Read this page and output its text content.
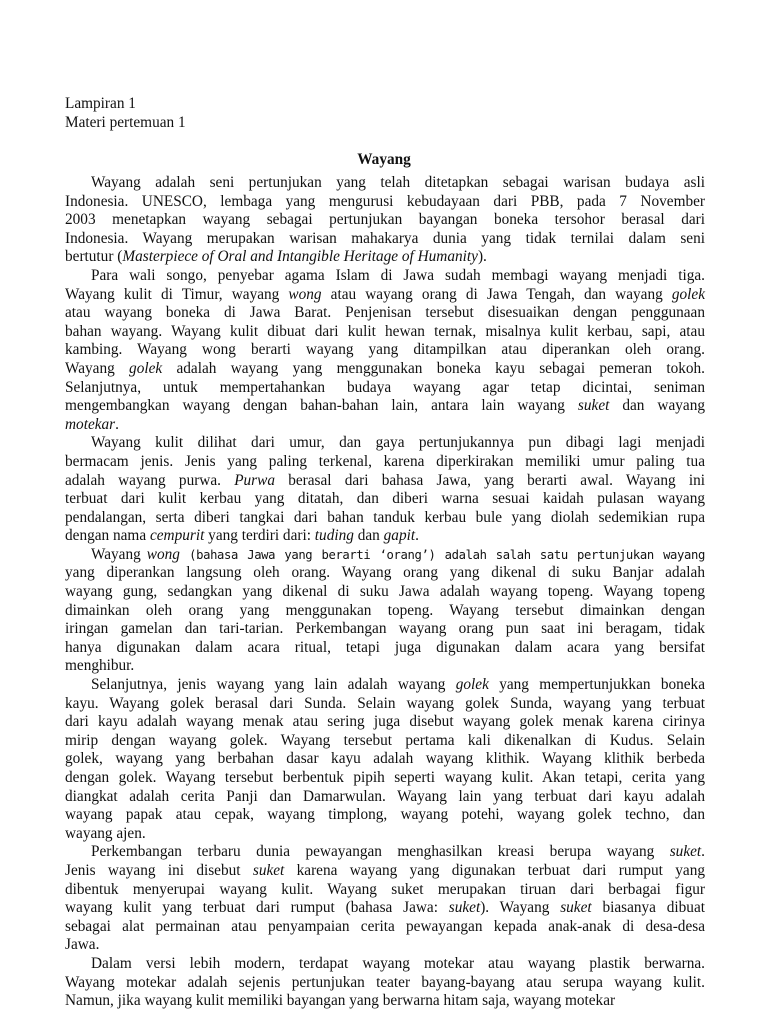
Lampiran 1
Materi pertemuan 1
Wayang
Wayang adalah seni pertunjukan yang telah ditetapkan sebagai warisan budaya asli
Indonesia. UNESCO, lembaga yang mengurusi kebudayaan dari PBB, pada 7 November
2003 menetapkan wayang sebagai pertunjukan bayangan boneka tersohor berasal dari
Indonesia. Wayang merupakan warisan mahakarya dunia yang tidak ternilai dalam seni
bertutur (Masterpiece of Oral and Intangible Heritage of Humanity).
Para wali songo, penyebar agama Islam di Jawa sudah membagi wayang menjadi tiga.
Wayang kulit di Timur, wayang wong atau wayang orang di Jawa Tengah, dan wayang golek
atau wayang boneka di Jawa Barat. Penjenisan tersebut disesuaikan dengan penggunaan
bahan wayang. Wayang kulit dibuat dari kulit hewan ternak, misalnya kulit kerbau, sapi, atau
kambing. Wayang wong berarti wayang yang ditampilkan atau diperankan oleh orang.
Wayang golek adalah wayang yang menggunakan boneka kayu sebagai pemeran tokoh.
Selanjutnya, untuk mempertahankan budaya wayang agar tetap dicintai, seniman
mengembangkan wayang dengan bahan-bahan lain, antara lain wayang suket dan wayang
motekar.
Wayang kulit dilihat dari umur, dan gaya pertunjukannya pun dibagi lagi menjadi
bermacam jenis. Jenis yang paling terkenal, karena diperkirakan memiliki umur paling tua
adalah wayang purwa. Purwa berasal dari bahasa Jawa, yang berarti awal. Wayang ini
terbuat dari kulit kerbau yang ditatah, dan diberi warna sesuai kaidah pulasan wayang
pendalangan, serta diberi tangkai dari bahan tanduk kerbau bule yang diolah sedemikian rupa
dengan nama cempurit yang terdiri dari: tuding dan gapit.
Wayang wong (bahasa Jawa yang berarti ‘orang’) adalah salah satu pertunjukan wayang
yang diperankan langsung oleh orang. Wayang orang yang dikenal di suku Banjar adalah
wayang gung, sedangkan yang dikenal di suku Jawa adalah wayang topeng. Wayang topeng
dimainkan oleh orang yang menggunakan topeng. Wayang tersebut dimainkan dengan
iringan gamelan dan tari-tarian. Perkembangan wayang orang pun saat ini beragam, tidak
hanya digunakan dalam acara ritual, tetapi juga digunakan dalam acara yang bersifat
menghibur.
Selanjutnya, jenis wayang yang lain adalah wayang golek yang mempertunjukkan boneka
kayu. Wayang golek berasal dari Sunda. Selain wayang golek Sunda, wayang yang terbuat
dari kayu adalah wayang menak atau sering juga disebut wayang golek menak karena cirinya
mirip dengan wayang golek. Wayang tersebut pertama kali dikenalkan di Kudus. Selain
golek, wayang yang berbahan dasar kayu adalah wayang klithik. Wayang klithik berbeda
dengan golek. Wayang tersebut berbentuk pipih seperti wayang kulit. Akan tetapi, cerita yang
diangkat adalah cerita Panji dan Damarwulan. Wayang lain yang terbuat dari kayu adalah
wayang papak atau cepak, wayang timplong, wayang potehi, wayang golek techno, dan
wayang ajen.
Perkembangan terbaru dunia pewayangan menghasilkan kreasi berupa wayang suket.
Jenis wayang ini disebut suket karena wayang yang digunakan terbuat dari rumput yang
dibentuk menyerupai wayang kulit. Wayang suket merupakan tiruan dari berbagai figur
wayang kulit yang terbuat dari rumput (bahasa Jawa: suket). Wayang suket biasanya dibuat
sebagai alat permainan atau penyampaian cerita pewayangan kepada anak-anak di desa-desa
Jawa.
Dalam versi lebih modern, terdapat wayang motekar atau wayang plastik berwarna.
Wayang motekar adalah sejenis pertunjukan teater bayang-bayang atau serupa wayang kulit.
Namun, jika wayang kulit memiliki bayangan yang berwarna hitam saja, wayang motekar
